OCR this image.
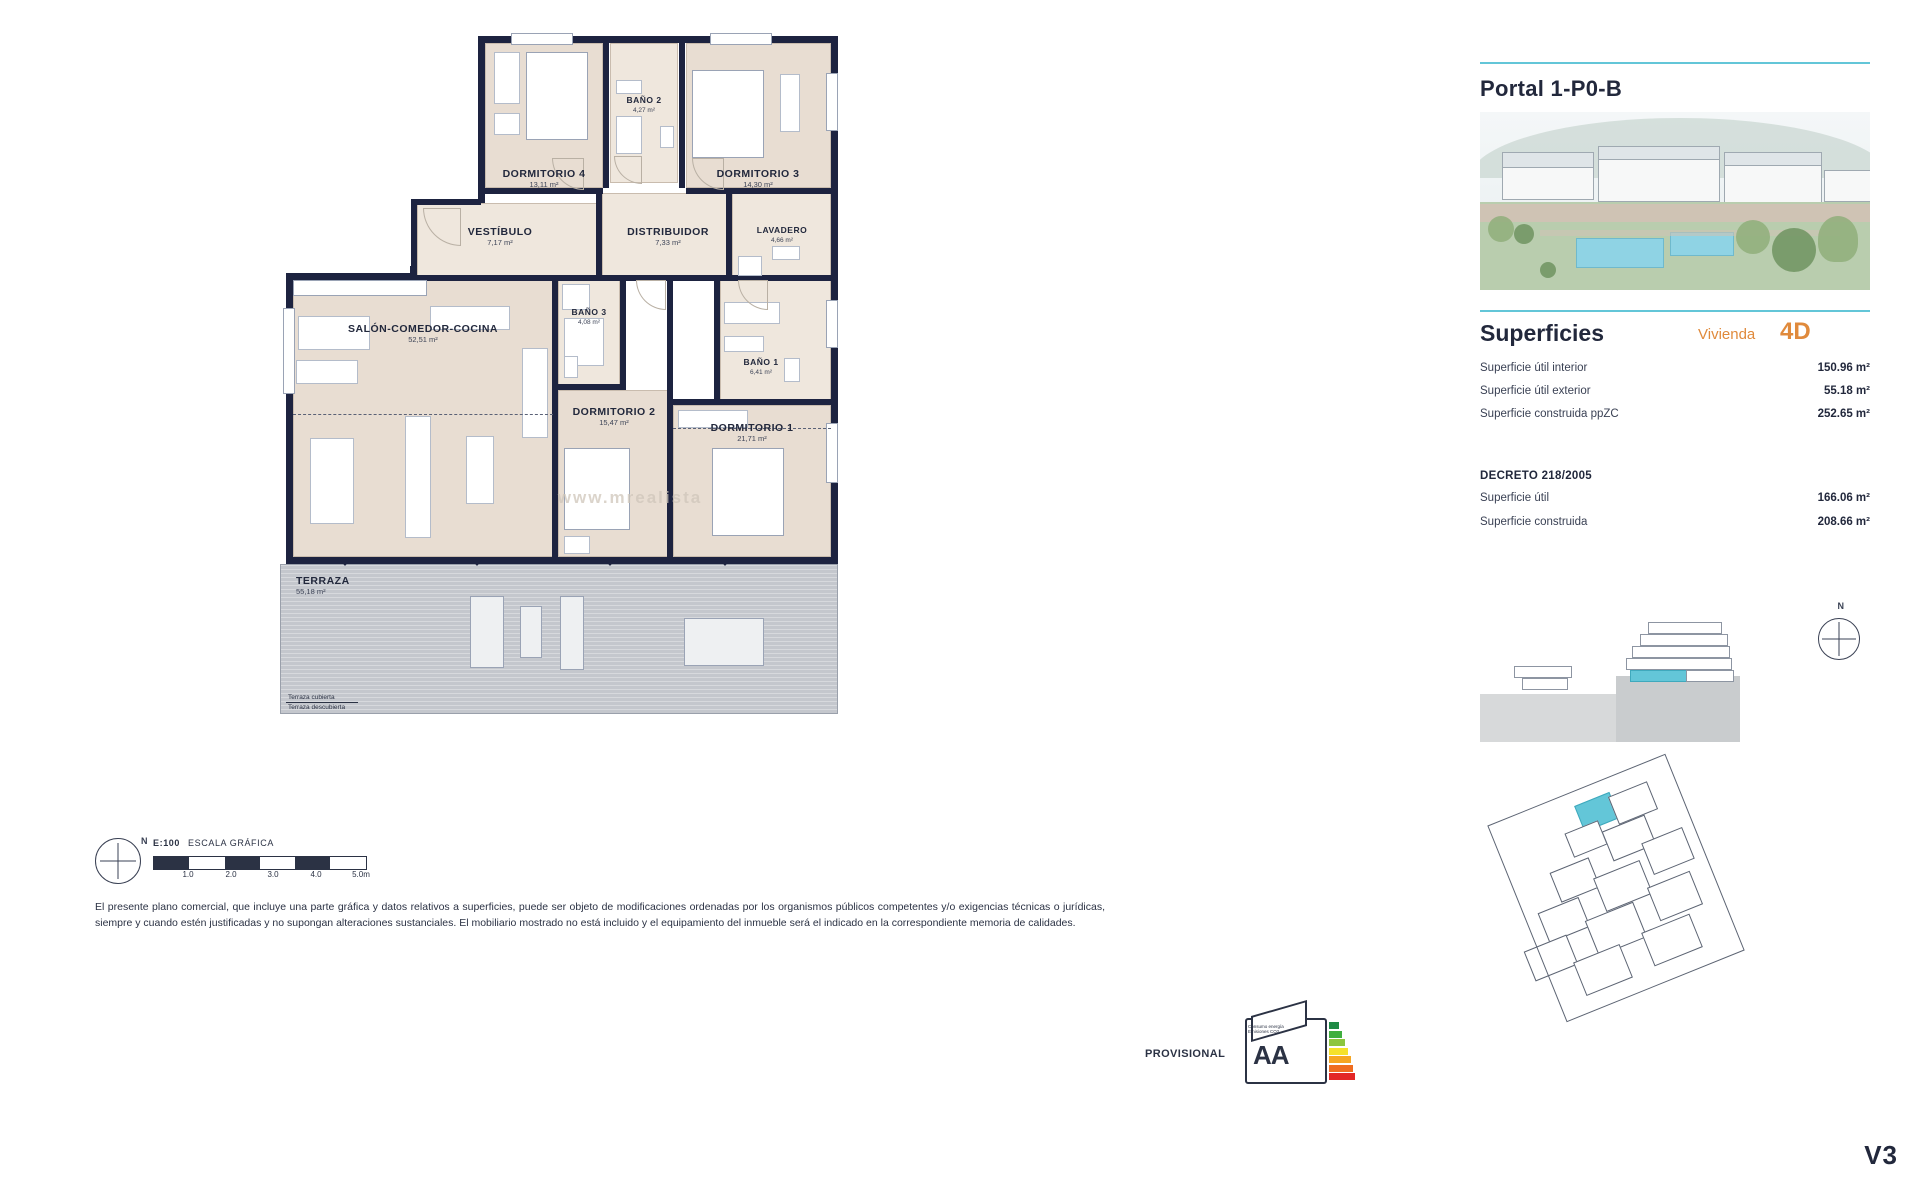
Terraza cubierta
Terraza descubierta
DORMITORIO 4
13,11 m²
BAÑO 2
4,27 m²
DORMITORIO 3
14,30 m²
VESTÍBULO
7,17 m²
DISTRIBUIDOR
7,33 m²
LAVADERO
4,66 m²
SALÓN-COMEDOR-COCINA
52,51 m²
BAÑO 3
4,08 m²
BAÑO 1
6,41 m²
DORMITORIO 2
15,47 m²	DORMITORIO 1
21,71 m²
TERRAZA
55,18 m²
www.mrealista
N E:100 ESCALA GRÁFICA
1.0	2.0	3.0	4.0	5.0m
PROVISIONAL
Consumo energía
Emisiones CO2
AA
El presente plano comercial, que incluye una parte gráfica y datos relativos a superficies, puede ser objeto de modificaciones ordenadas por los organismos públicos competentes y/o exigencias técnicas o jurídicas, siempre y cuando estén justificadas y no supongan alteraciones sustanciales. El mobiliario mostrado no está incluido y el equipamiento del inmueble será el indicado en la correspondiente memoria de calidades.
Portal 1-P0-B
Superficies	Vivienda 4D
Superficie útil interior	150.96 m²
Superficie útil exterior	55.18 m²
Superficie construida ppZC	252.65 m²
DECRETO 218/2005
Superficie útil	166.06 m²
Superficie construida	208.66 m²
N
V3
